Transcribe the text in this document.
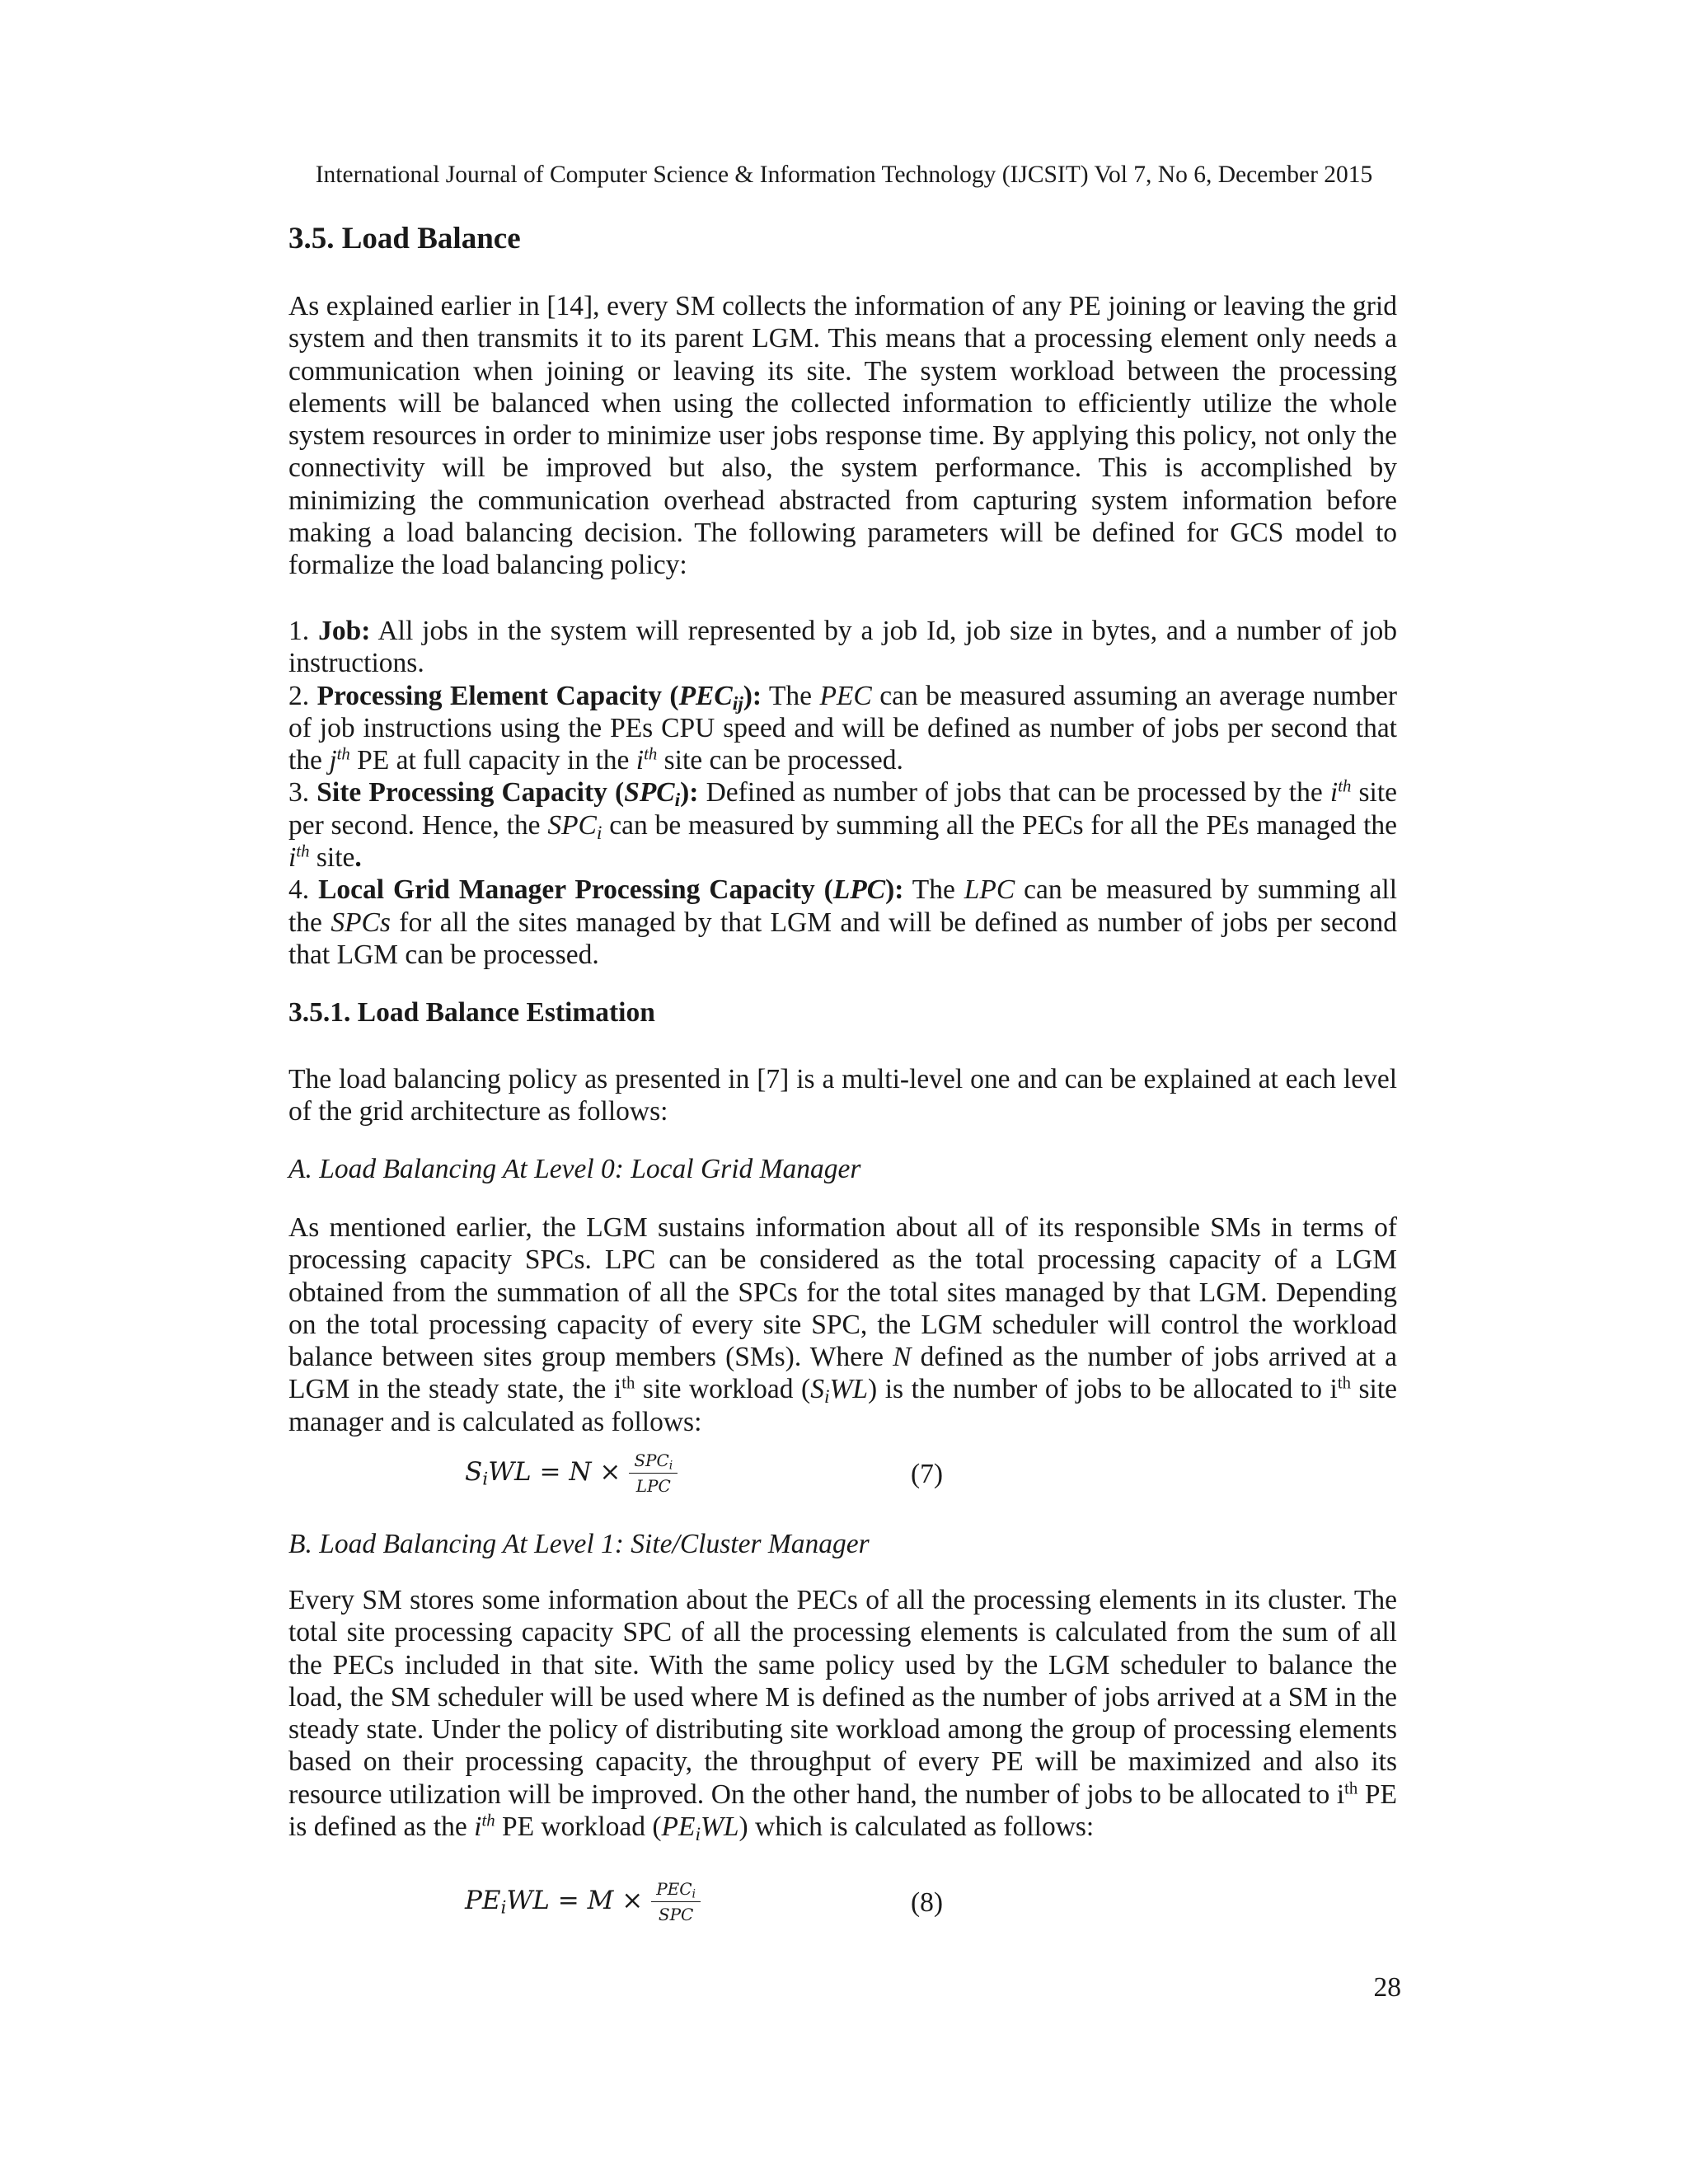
International Journal of Computer Science & Information Technology (IJCSIT) Vol 7, No 6, December 2015
3.5. Load Balance

As explained earlier in [14], every SM collects the information of any PE joining or leaving the grid system and then transmits it to its parent LGM. This means that a processing element only needs a communication when joining or leaving its site. The system workload between the processing elements will be balanced when using the collected information to efficiently utilize the whole system resources in order to minimize user jobs response time. By applying this policy, not only the connectivity will be improved but also, the system performance. This is accomplished by minimizing the communication overhead abstracted from capturing system information before making a load balancing decision. The following parameters will be defined for GCS model to formalize the load balancing policy:

1. Job: All jobs in the system will represented by a job Id, job size in bytes, and a number of job instructions.

2. Processing Element Capacity $(PEC_{ij})$: The PEC can be measured assuming an average number of job instructions using the PEs CPU speed and will be defined as number of jobs per second that the $j^{th}$ PE at full capacity in the $i^{th}$ site can be processed.

3. Site Processing Capacity $(SPC_i)$: Defined as number of jobs that can be processed by the $i^{th}$ site per second. Hence, the $SPC_i$ can be measured by summing all the PECs for all the PEs managed the $i^{th}$ site.

4. Local Grid Manager Processing Capacity (LPC): The LPC can be measured by summing all the SPCs for all the sites managed by that LGM and will be defined as number of jobs per second that LGM can be processed.

3.5.1. Load Balance Estimation

The load balancing policy as presented in [7] is a multi-level one and can be explained at each level of the grid architecture as follows:

A. Load Balancing At Level 0: Local Grid Manager

As mentioned earlier, the LGM sustains information about all of its responsible SMs in terms of processing capacity SPCs. LPC can be considered as the total processing capacity of a LGM obtained from the summation of all the SPCs for the total sites managed by that LGM. Depending on the total processing capacity of every site SPC, the LGM scheduler will control the workload balance between sites group members (SMs). Where N defined as the number of jobs arrived at a LGM in the steady state, the $i^{th}$ site workload $(S_iWL)$ is the number of jobs to be allocated to $i^{th}$ site manager and is calculated as follows:

$S_iWL = N \times \frac{SPC_i}{\text{LPC}}$	(7)
B. Load Balancing At Level 1: Site/Cluster Manager

Every SM stores some information about the PECs of all the processing elements in its cluster. The total site processing capacity SPC of all the processing elements is calculated from the sum of all the PECs included in that site. With the same policy used by the LGM scheduler to balance the load, the SM scheduler will be used where M is defined as the number of jobs arrived at a SM in the steady state. Under the policy of distributing site workload among the group of processing elements based on their processing capacity, the throughput of every PE will be maximized and also its resource utilization will be improved. On the other hand, the number of jobs to be allocated to $i^{th}$ PE is defined as the $i^{th}$ PE workload $(PE_iWL)$ which is calculated as follows:

$PE_iWL = M \times \frac{PEC_i}{\text{SPC}}$	(8)
28
